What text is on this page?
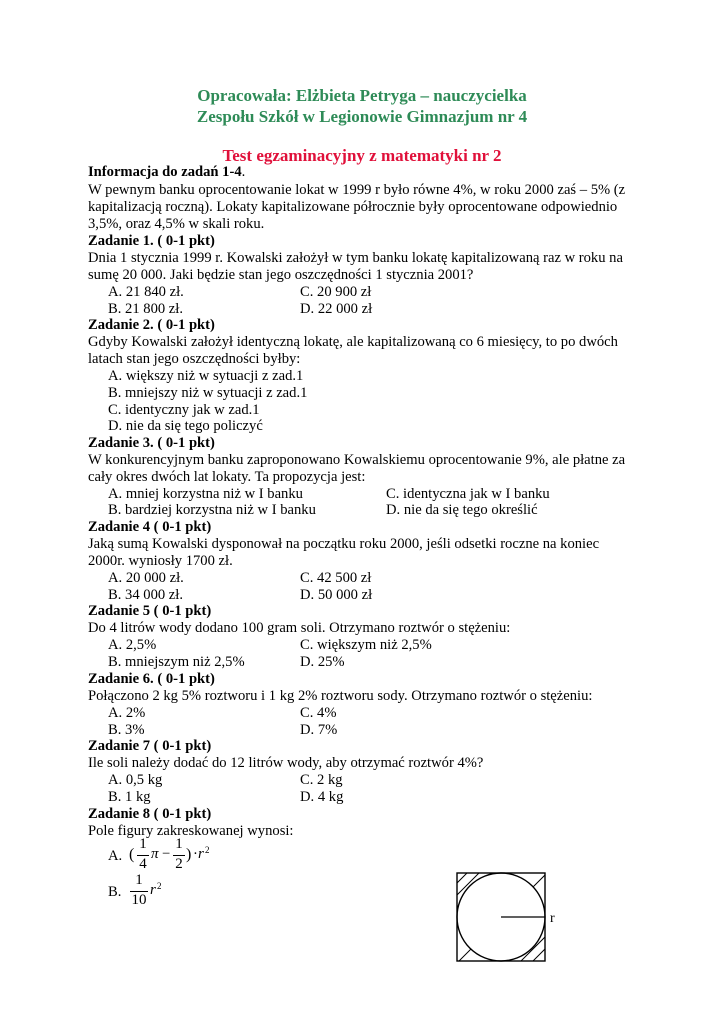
Opracowała: Elżbieta Petryga – nauczycielka
Zespołu Szkół w Legionowie Gimnazjum nr 4
Test egzaminacyjny z matematyki nr 2
Informacja do zadań 1-4.
W pewnym banku oprocentowanie lokat w 1999 r było równe 4%, w roku 2000 zaś – 5% (z
kapitalizacją roczną). Lokaty kapitalizowane półrocznie były oprocentowane odpowiednio
3,5%, oraz 4,5% w skali roku.
Zadanie 1. ( 0-1 pkt)
Dnia 1 stycznia 1999 r. Kowalski założył w tym banku lokatę kapitalizowaną raz w roku na
sumę 20 000. Jaki będzie stan jego oszczędności 1 stycznia 2001?
A. 21 840 zł.	C. 20 900 zł
B. 21 800 zł.	D. 22 000 zł
Zadanie 2. ( 0-1 pkt)
Gdyby Kowalski założył identyczną lokatę, ale kapitalizowaną co 6 miesięcy, to po dwóch
latach stan jego oszczędności byłby:
A. większy niż w sytuacji z zad.1
B. mniejszy niż w sytuacji z zad.1
C. identyczny jak w zad.1
D. nie da się tego policzyć
Zadanie 3. ( 0-1 pkt)
W konkurencyjnym banku zaproponowano Kowalskiemu oprocentowanie 9%, ale płatne za
cały okres dwóch lat lokaty. Ta propozycja jest:
A. mniej korzystna niż w I banku	C. identyczna jak w I banku
B. bardziej korzystna niż w I banku	D. nie da się tego określić
Zadanie 4 ( 0-1 pkt)
Jaką sumą Kowalski dysponował na początku roku 2000, jeśli odsetki roczne na koniec
2000r. wyniosły 1700 zł.
A. 20 000 zł.	C. 42 500 zł
B. 34 000 zł.	D. 50 000 zł
Zadanie 5 ( 0-1 pkt)
Do 4 litrów wody dodano 100 gram soli. Otrzymano roztwór o stężeniu:
A. 2,5%	C. większym niż 2,5%
B. mniejszym niż 2,5%	D. 25%
Zadanie 6. ( 0-1 pkt)
Połączono 2 kg 5% roztworu i 1 kg 2% roztworu sody. Otrzymano roztwór o stężeniu:
A. 2%	C. 4%
B. 3%	D. 7%
Zadanie 7 ( 0-1 pkt)
Ile soli należy dodać do 12 litrów wody, aby otrzymać roztwór 4%?
A. 0,5 kg	C. 2 kg
B. 1 kg	D. 4 kg
Zadanie 8 ( 0-1 pkt)
Pole figury zakreskowanej wynosi:
A. (
1
4
π −
1
2
) · r 2
B.
1
10
r 2
r
